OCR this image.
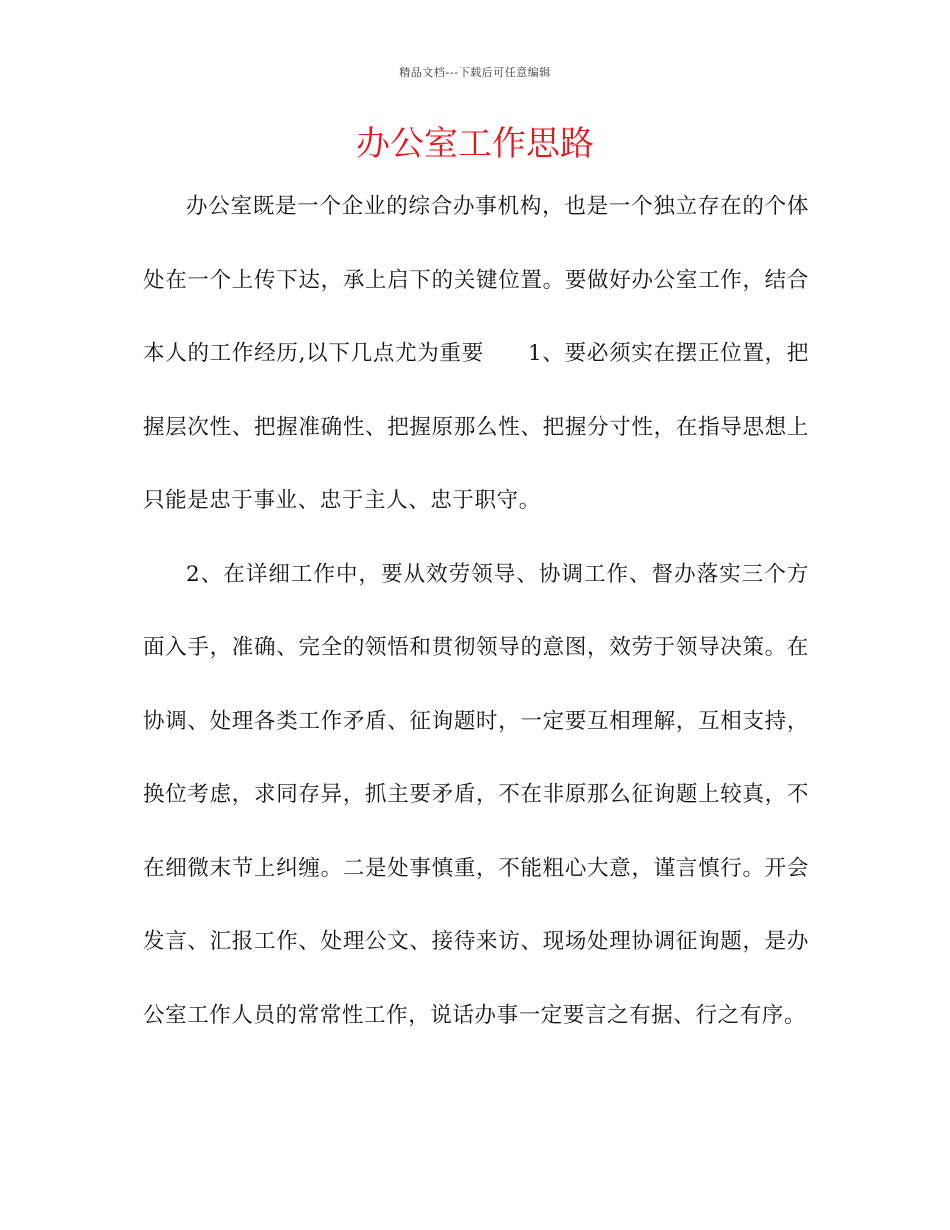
精品文档---下载后可任意编辑
办公室工作思路

办公室既是一个企业的综合办事机构，也是一个独立存在的个体处在一个上传下达，承上启下的关键位置。要做好办公室工作，结合本人的工作经历,以下几点尤为重要 1、要必须实在摆正位置，把握层次性、把握准确性、把握原那么性、把握分寸性，在指导思想上只能是忠于事业、忠于主人、忠于职守。

2、在详细工作中，要从效劳领导、协调工作、督办落实三个方面入手，准确、完全的领悟和贯彻领导的意图，效劳于领导决策。在协调、处理各类工作矛盾、征询题时，一定要互相理解，互相支持，换位考虑，求同存异，抓主要矛盾，不在非原那么征询题上较真，不在细微末节上纠缠。二是处事慎重，不能粗心大意，谨言慎行。开会发言、汇报工作、处理公文、接待来访、现场处理协调征询题，是办公室工作人员的常常性工作，说话办事一定要言之有据、行之有序。
